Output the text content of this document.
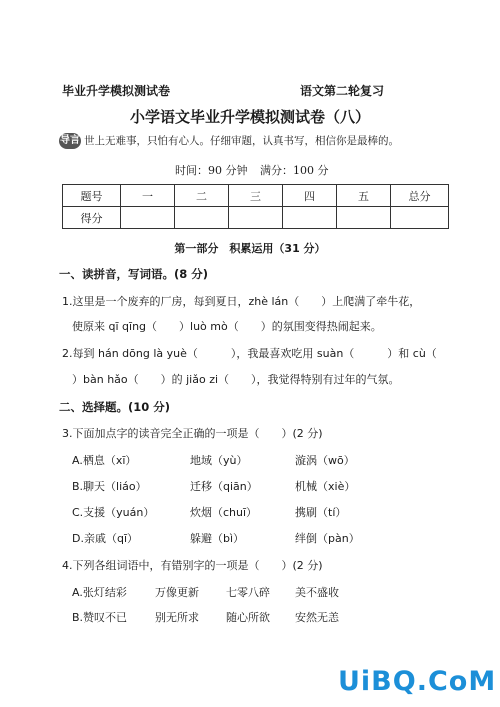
毕业升学模拟测试卷	语文第二轮复习
小学语文毕业升学模拟测试卷（八）
导言 世上无难事，只怕有心人。仔细审题，认真书写，相信你是最棒的。
时间：90 分钟 满分：100 分
题号	一	二	三	四	五	总分
得分						
第一部分　积累运用（31 分）
一、读拼音，写词语。(8 分)
1.这里是一个废弃的厂房，每到夏日，zhè lán（　　）上爬满了牵牛花，
使原来 qī qīng（　　）luò mò（　　）的氛围变得热闹起来。
2.每到 hán dōng là yuè（　　　），我最喜欢吃用 suàn（　　　）和 cù（
）bàn hǎo（　　）的 jiǎo zi（　　），我觉得特别有过年的气氛。
二、选择题。(10 分)
3.下面加点字的读音完全正确的一项是（　　）(2 分)
A.栖息（xī）	地域（yù）	漩涡（wō）
B.聊天（liáo）	迁移（qiān）	机械（xiè）
C.支援（yuán）	炊烟（chuī）	携刷（tí）
D.亲戚（qī）	躲避（bì）	绊倒（pàn）
4.下列各组词语中，有错别字的一项是（　　）(2 分)
A.张灯结彩	万像更新 七零八碎 美不盛收
B.赞叹不已	别无所求 随心所欲 安然无恙
UiBQ.CoM
